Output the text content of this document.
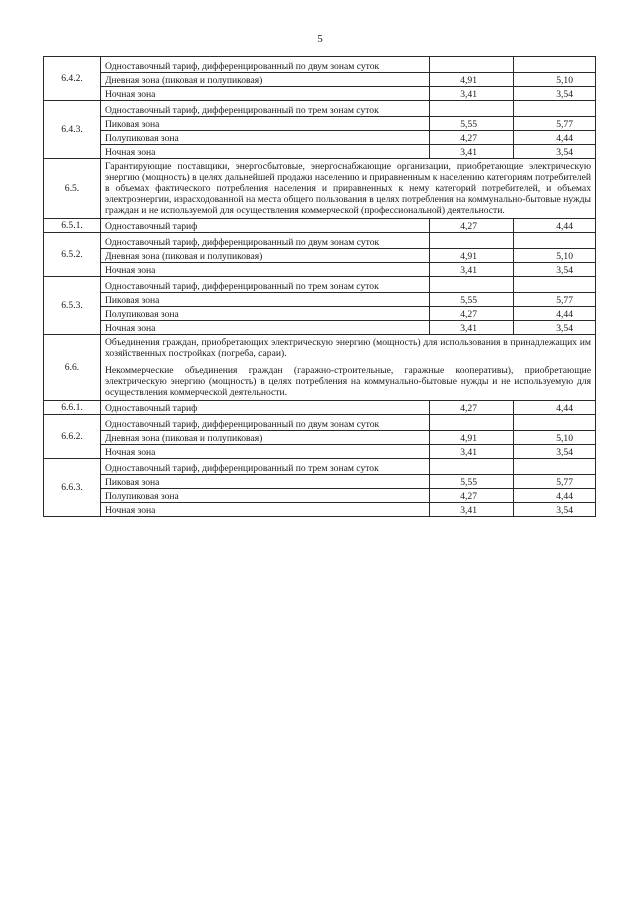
5
6.4.2.	Одноставочный тариф, дифференцированный по двум зонам суток		
	Дневная зона (пиковая и полупиковая)	4,91	5,10
	Ночная зона	3,41	3,54
6.4.3.	Одноставочный тариф, дифференцированный по трем зонам суток		
	Пиковая зона	5,55	5,77
	Полупиковая зона	4,27	4,44
	Ночная зона	3,41	3,54
6.5.	Гарантирующие поставщики, энергосбытовые, энергоснабжающие организации, приобретающие электрическую энергию (мощность) в целях дальнейшей продажи населению и приравненным к населению категориям потребителей в объемах фактического потребления населения и приравненных к нему категорий потребителей, и объемах электроэнергии, израсходованной на места общего пользования в целях потребления на коммунально-бытовые нужды граждан и не используемой для осуществления коммерческой (профессиональной) деятельности.		

6.5.1.	Одноставочный тариф	4,27	4,44
6.5.2.	Одноставочный тариф, дифференцированный по двум зонам суток		
	Дневная зона (пиковая и полупиковая)	4,91	5,10
	Ночная зона	3,41	3,54
6.5.3.	Одноставочный тариф, дифференцированный по трем зонам суток		
	Пиковая зона	5,55	5,77
	Полупиковая зона	4,27	4,44
	Ночная зона	3,41	3,54
6.6.	Объединения граждан, приобретающих электрическую энергию (мощность) для использования в принадлежащих им хозяйственных постройках (погреба, сараи).

Некоммерческие объединения граждан (гаражно-строительные, гаражные кооперативы), приобретающие электрическую энергию (мощность) в целях потребления на коммунально-бытовые нужды и не используемую для осуществления коммерческой деятельности.		

6.6.1.	Одноставочный тариф	4,27	4,44
6.6.2.	Одноставочный тариф, дифференцированный по двум зонам суток		
	Дневная зона (пиковая и полупиковая)	4,91	5,10
	Ночная зона	3,41	3,54
6.6.3.	Одноставочный тариф, дифференцированный по трем зонам суток		
	Пиковая зона	5,55	5,77
	Полупиковая зона	4,27	4,44
	Ночная зона	3,41	3,54
